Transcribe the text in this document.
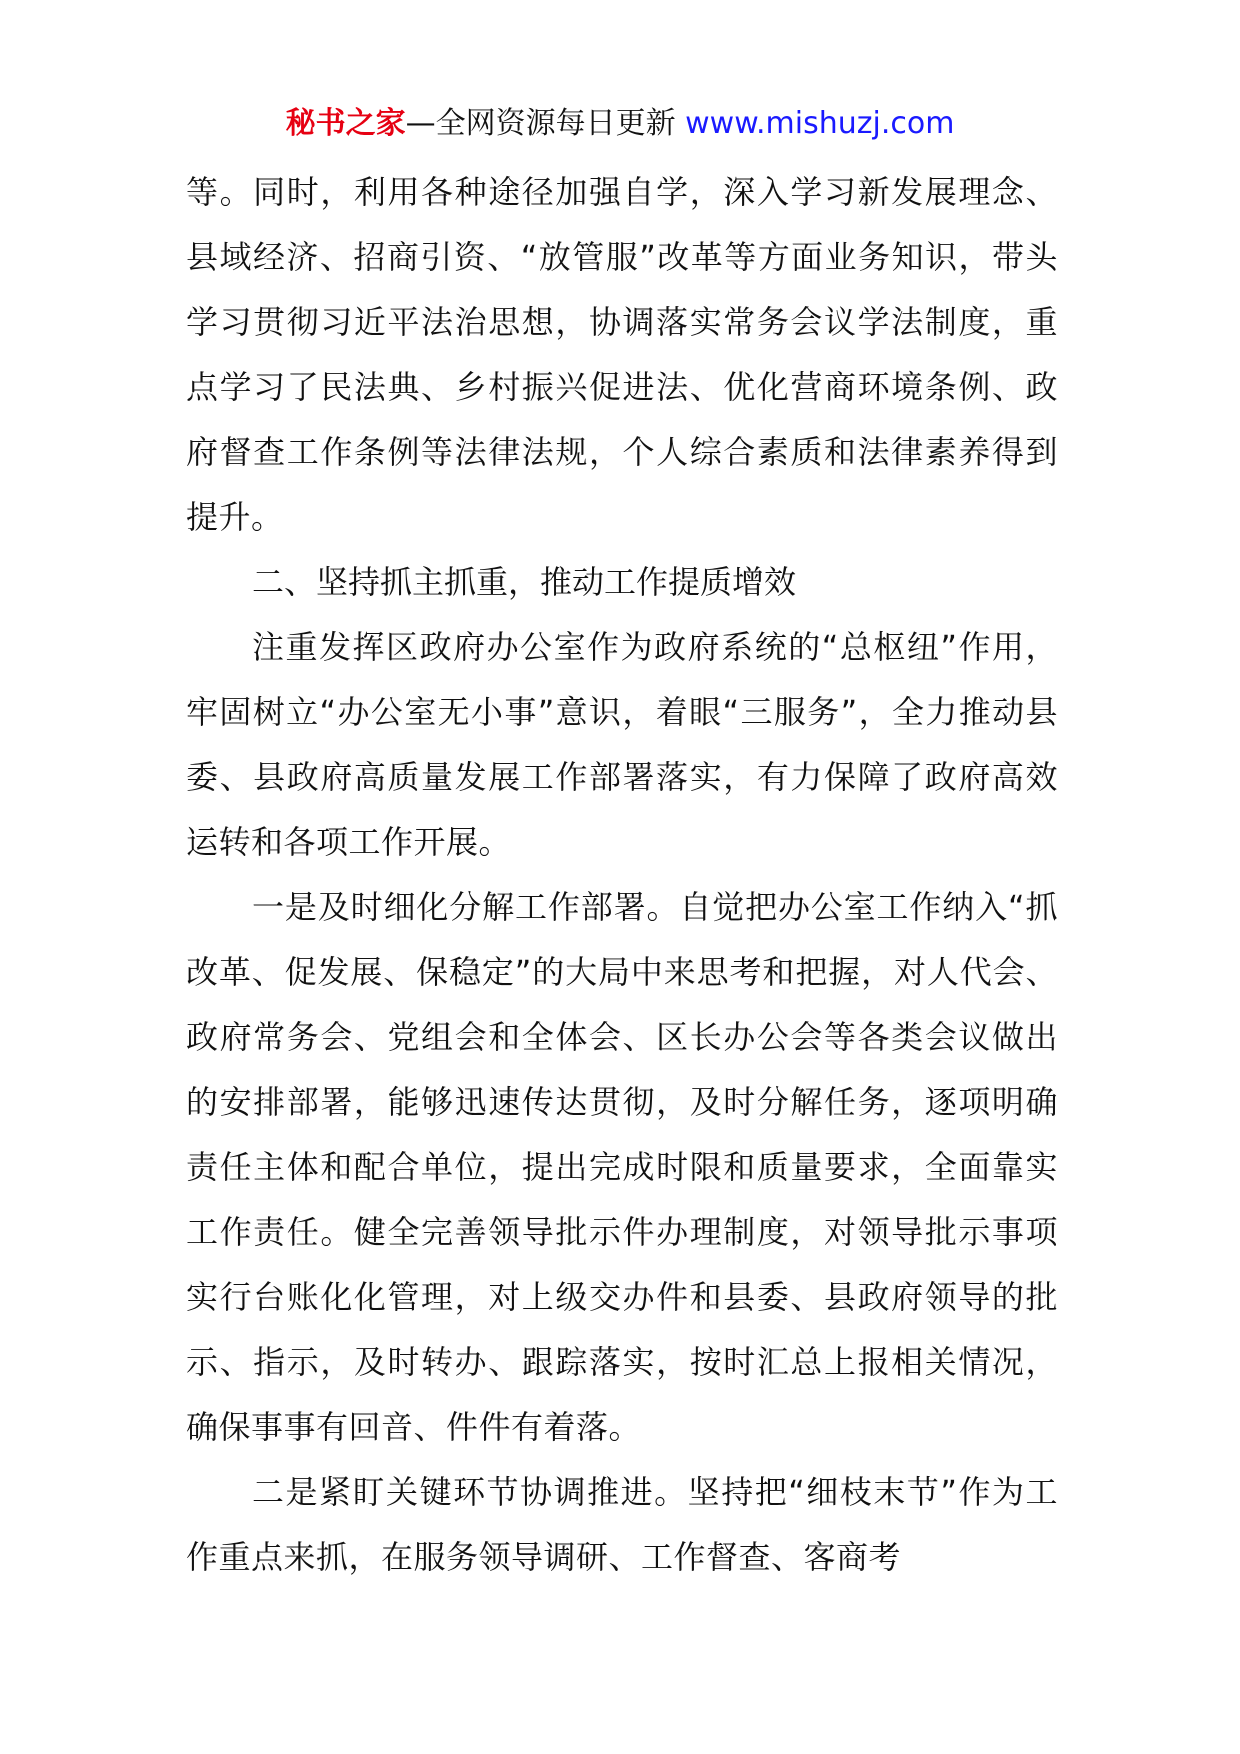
秘书之家—全网资源每日更新 www.mishuzj.com

等。同时，利用各种途径加强自学，深入学习新发展理念、县域经济、招商引资、“放管服”改革等方面业务知识，带头学习贯彻习近平法治思想，协调落实常务会议学法制度，重点学习了民法典、乡村振兴促进法、优化营商环境条例、政府督查工作条例等法律法规，个人综合素质和法律素养得到提升。

二、坚持抓主抓重，推动工作提质增效

注重发挥区政府办公室作为政府系统的“总枢纽”作用，牢固树立“办公室无小事”意识，着眼“三服务”，全力推动县委、县政府高质量发展工作部署落实，有力保障了政府高效运转和各项工作开展。

一是及时细化分解工作部署。自觉把办公室工作纳入“抓改革、促发展、保稳定”的大局中来思考和把握，对人代会、政府常务会、党组会和全体会、区长办公会等各类会议做出的安排部署，能够迅速传达贯彻，及时分解任务，逐项明确责任主体和配合单位，提出完成时限和质量要求，全面靠实工作责任。健全完善领导批示件办理制度，对领导批示事项实行台账化化管理，对上级交办件和县委、县政府领导的批示、指示，及时转办、跟踪落实，按时汇总上报相关情况，确保事事有回音、件件有着落。

二是紧盯关键环节协调推进。坚持把“细枝末节”作为工作重点来抓，在服务领导调研、工作督查、客商考
